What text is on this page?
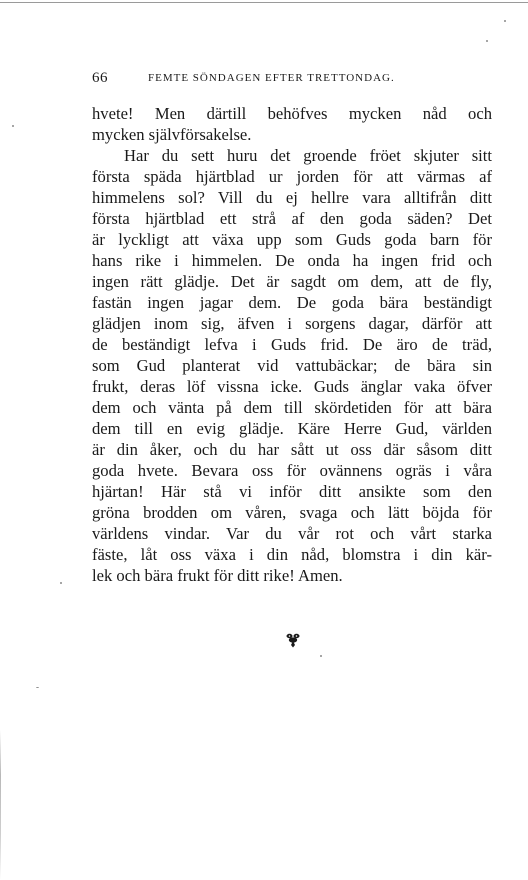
66	FEMTE SÖNDAGEN EFTER TRETTONDAG.
hvete! Men därtill behöfves mycken nåd och
mycken självförsakelse.
Har du sett huru det groende fröet skjuter sitt
första späda hjärtblad ur jorden för att värmas af
himmelens sol? Vill du ej hellre vara alltifrån ditt
första hjärtblad ett strå af den goda säden? Det
är lyckligt att växa upp som Guds goda barn för
hans rike i himmelen. De onda ha ingen frid och
ingen rätt glädje. Det är sagdt om dem, att de fly,
fastän ingen jagar dem. De goda bära beständigt
glädjen inom sig, äfven i sorgens dagar, därför att
de beständigt lefva i Guds frid. De äro de träd,
som Gud planterat vid vattubäckar; de bära sin
frukt, deras löf vissna icke. Guds änglar vaka öfver
dem och vänta på dem till skördetiden för att bära
dem till en evig glädje. Käre Herre Gud, världen
är din åker, och du har sått ut oss där såsom ditt
goda hvete. Bevara oss för ovännens ogräs i våra
hjärtan! Här stå vi inför ditt ansikte som den
gröna brodden om våren, svaga och lätt böjda för
världens vindar. Var du vår rot och vårt starka
fäste, låt oss växa i din nåd, blomstra i din kär-
lek och bära frukt för ditt rike! Amen.
